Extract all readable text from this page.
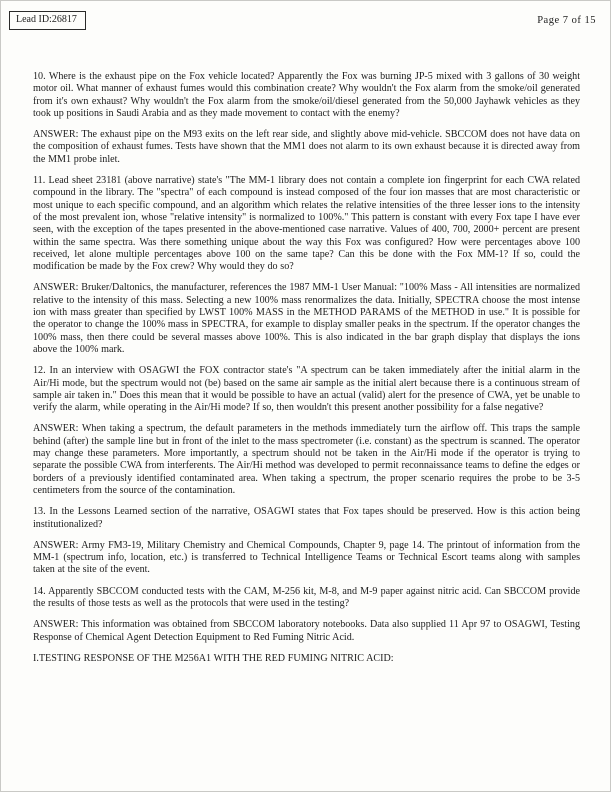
Lead ID:26817	Page 7 of 15

10. Where is the exhaust pipe on the Fox vehicle located? Apparently the Fox was burning JP-5 mixed with 3 gallons of 30 weight motor oil. What manner of exhaust fumes would this combination create? Why wouldn't the Fox alarm from the smoke/oil generated from it's own exhaust? Why wouldn't the Fox alarm from the smoke/oil/diesel generated from the 50,000 Jayhawk vehicles as they took up positions in Saudi Arabia and as they made movement to contact with the enemy?

ANSWER: The exhaust pipe on the M93 exits on the left rear side, and slightly above mid-vehicle. SBCCOM does not have data on the composition of exhaust fumes. Tests have shown that the MM1 does not alarm to its own exhaust because it is directed away from the MM1 probe inlet.

11. Lead sheet 23181 (above narrative) state's "The MM-1 library does not contain a complete ion fingerprint for each CWA related compound in the library. The "spectra" of each compound is instead composed of the four ion masses that are most characteristic or most unique to each specific compound, and an algorithm which relates the relative intensities of the three lesser ions to the intensity of the most prevalent ion, whose "relative intensity" is normalized to 100%." This pattern is constant with every Fox tape I have ever seen, with the exception of the tapes presented in the above-mentioned case narrative. Values of 400, 700, 2000+ percent are present within the same spectra. Was there something unique about the way this Fox was configured? How were percentages above 100 received, let alone multiple percentages above 100 on the same tape? Can this be done with the Fox MM-1? If so, could the modification be made by the Fox crew? Why would they do so?

ANSWER: Bruker/Daltonics, the manufacturer, references the 1987 MM-1 User Manual: "100% Mass - All intensities are normalized relative to the intensity of this mass. Selecting a new 100% mass renormalizes the data. Initially, SPECTRA choose the most intense ion with mass greater than specified by LWST 100% MASS in the METHOD PARAMS of the METHOD in use." It is possible for the operator to change the 100% mass in SPECTRA, for example to display smaller peaks in the spectrum. If the operator changes the 100% mass, then there could be several masses above 100%. This is also indicated in the bar graph display that displays the ions above the 100% mark.

12. In an interview with OSAGWI the FOX contractor state's "A spectrum can be taken immediately after the initial alarm in the Air/Hi mode, but the spectrum would not (be) based on the same air sample as the initial alert because there is a continuous stream of sample air taken in." Does this mean that it would be possible to have an actual (valid) alert for the presence of CWA, yet be unable to verify the alarm, while operating in the Air/Hi mode? If so, then wouldn't this present another possibility for a false negative?

ANSWER: When taking a spectrum, the default parameters in the methods immediately turn the airflow off. This traps the sample behind (after) the sample line but in front of the inlet to the mass spectrometer (i.e. constant) as the spectrum is scanned. The operator may change these parameters. More importantly, a spectrum should not be taken in the Air/Hi mode if the operator is trying to separate the possible CWA from interferents. The Air/Hi method was developed to permit reconnaissance teams to define the edges or borders of a previously identified contaminated area. When taking a spectrum, the proper scenario requires the probe to be 3-5 centimeters from the source of the contamination.

13. In the Lessons Learned section of the narrative, OSAGWI states that Fox tapes should be preserved. How is this action being institutionalized?

ANSWER: Army FM3-19, Military Chemistry and Chemical Compounds, Chapter 9, page 14. The printout of information from the MM-1 (spectrum info, location, etc.) is transferred to Technical Intelligence Teams or Technical Escort teams along with samples taken at the site of the event.

14. Apparently SBCCOM conducted tests with the CAM, M-256 kit, M-8, and M-9 paper against nitric acid. Can SBCCOM provide the results of those tests as well as the protocols that were used in the testing?

ANSWER: This information was obtained from SBCCOM laboratory notebooks. Data also supplied 11 Apr 97 to OSAGWI, Testing Response of Chemical Agent Detection Equipment to Red Fuming Nitric Acid.

I.TESTING RESPONSE OF THE M256A1 WITH THE RED FUMING NITRIC ACID:
